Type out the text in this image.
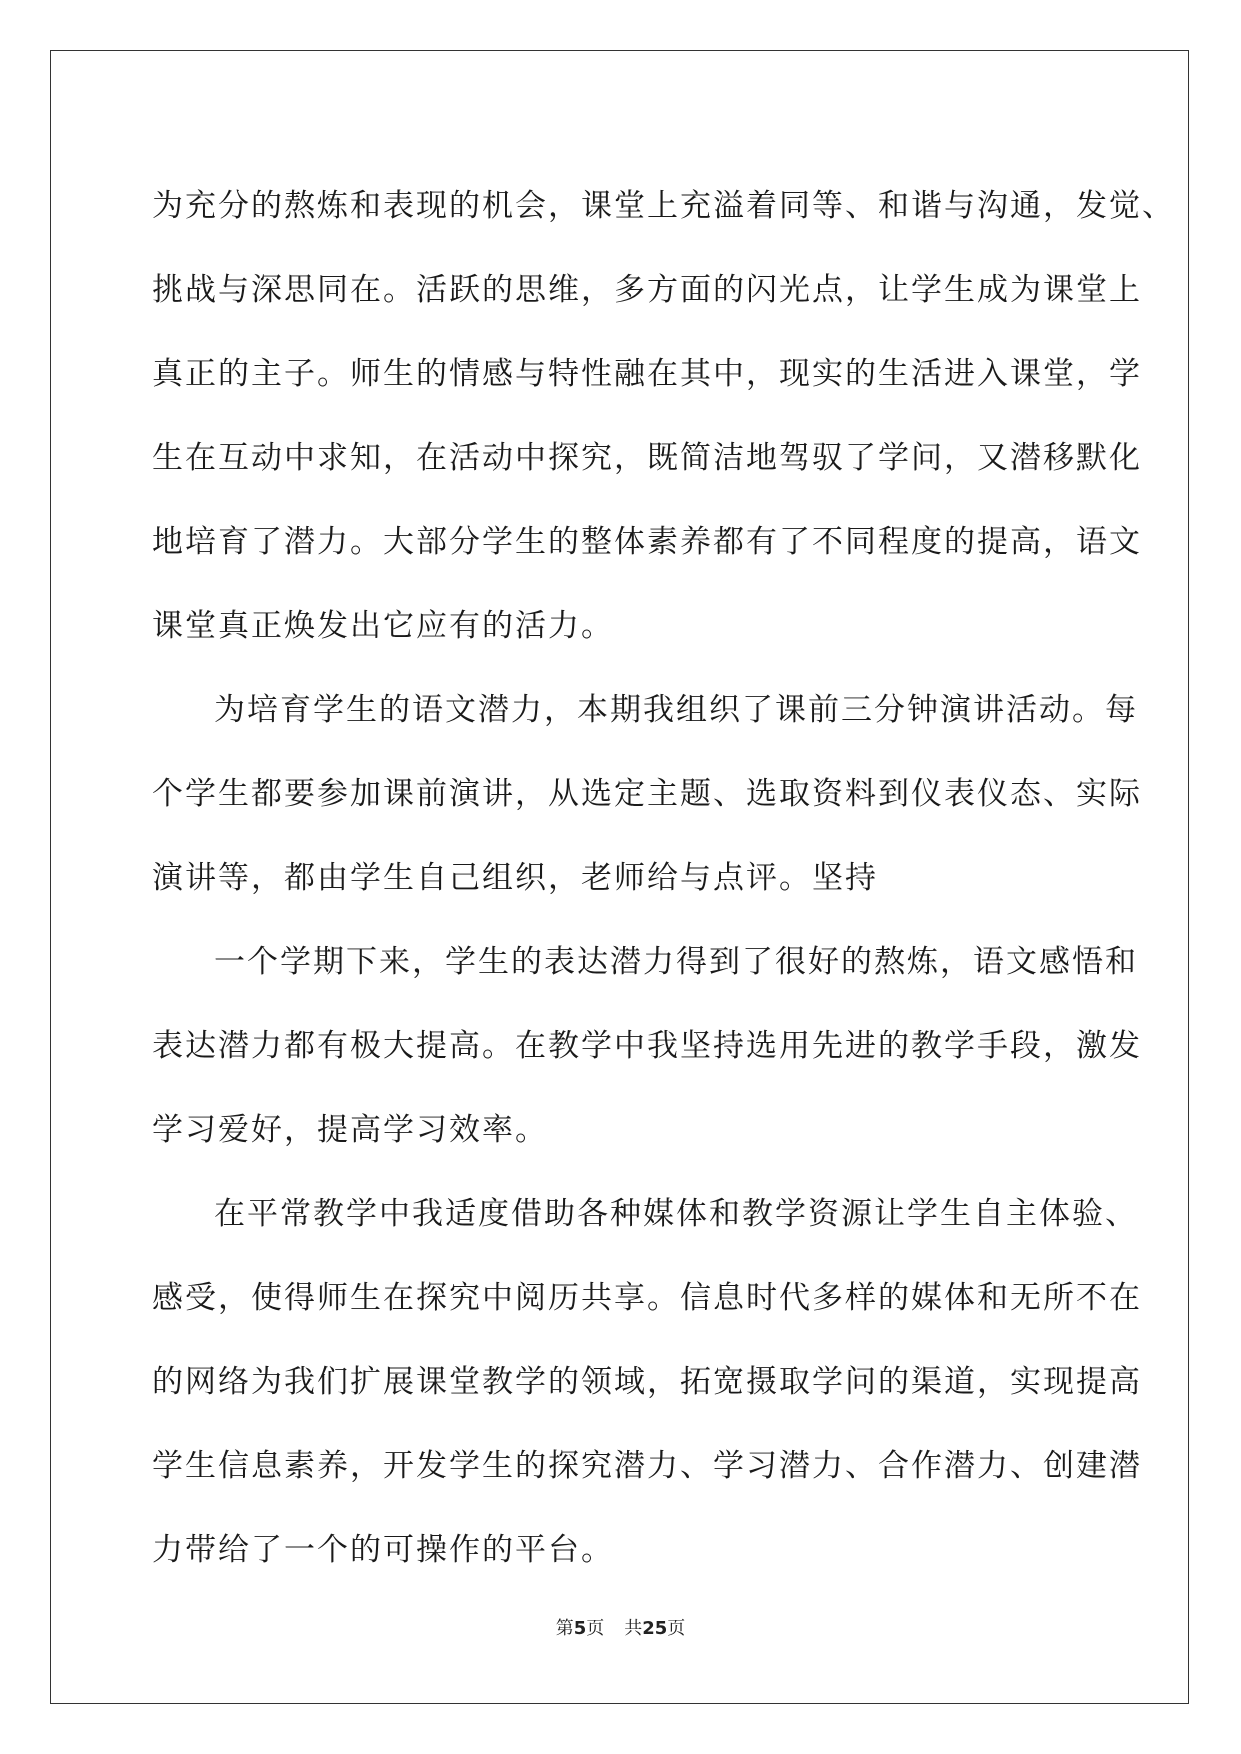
为充分的熬炼和表现的机会，课堂上充溢着同等、和谐与沟通，发觉、

挑战与深思同在。活跃的思维，多方面的闪光点，让学生成为课堂上

真正的主子。师生的情感与特性融在其中，现实的生活进入课堂，学

生在互动中求知，在活动中探究，既简洁地驾驭了学问，又潜移默化

地培育了潜力。大部分学生的整体素养都有了不同程度的提高，语文

课堂真正焕发出它应有的活力。

为培育学生的语文潜力，本期我组织了课前三分钟演讲活动。每

个学生都要参加课前演讲，从选定主题、选取资料到仪表仪态、实际

演讲等，都由学生自己组织，老师给与点评。坚持

一个学期下来，学生的表达潜力得到了很好的熬炼，语文感悟和

表达潜力都有极大提高。在教学中我坚持选用先进的教学手段，激发

学习爱好，提高学习效率。

在平常教学中我适度借助各种媒体和教学资源让学生自主体验、

感受，使得师生在探究中阅历共享。信息时代多样的媒体和无所不在

的网络为我们扩展课堂教学的领域，拓宽摄取学问的渠道，实现提高

学生信息素养，开发学生的探究潜力、学习潜力、合作潜力、创建潜

力带给了一个的可操作的平台。

第5页 共25页
